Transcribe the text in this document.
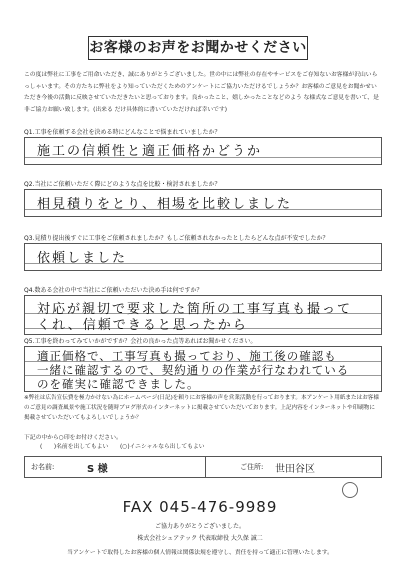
お客様のお声をお聞かせください
この度は弊社に工事をご用命いただき、誠にありがとうございました。世の中には弊社の存在やサービスをご存知ないお客様が沢山いらっしゃいます。その方たちに弊社をより知っていただくためのアンケートにご協力いただけるでしょうか？お客様のご意見をお聞かせいただき今後の活動に反映させていただきたいと思っております。良かったこと、嬉しかったことなどのよう な様式なご意見を書いて、是非ご協力お願い致します。(出来る だけ具体的に書いていただければ幸いです)
Q1.工事を依頼する会社を決める時にどんなことで悩まれていましたか？
施工の信頼性と適正価格かどうか
Q2.当社にご依頼いただく際にどのような点を比較・検討されましたか？
相見積りをとり、相場を比較しました
Q3.見積り提出後すぐに工事をご依頼されましたか？もしご依頼されなかったとしたらどんな点が不安でしたか？
依頼しました
Q4.数ある会社の中で当社にご依頼いただいた決め手は何ですか？
対応が親切で要求した箇所の工事写真も撮って
くれ、信頼できると思ったから
Q5.工事を終わってみていかがですか？会社の良かった点等あればお聞かせください。
適正価格で、工事写真も撮っており、施工後の確認も
一緒に確認するので、契約通りの作業が行なわれている
のを確実に確認できました。
※弊社は広告宣伝費を極力かけない為にホームページ(日記)を頼りにお客様の声を営業活動を行っております。本アンケート用紙またはお客様のご意見の調査風景や施工状況を随時ブログ形式のインターネットに掲載させていただいております。上記内容をインターネットや印刷物に掲載させていただいてもよろしいでしょうか？
下記の中から○印をお付けください。
(　　)名前を出してもよい (○)イニシャルなら出してもよい
お名前:	S 様	ご住所: 世田谷区
FAX 045-476-9989
ご協力ありがとうございました。
株式会社シェアテック 代表取締役 大久保 誠二
当アンケートで取得したお客様の個人情報は関係法規を遵守し、責任を持って適正に管理いたします。
